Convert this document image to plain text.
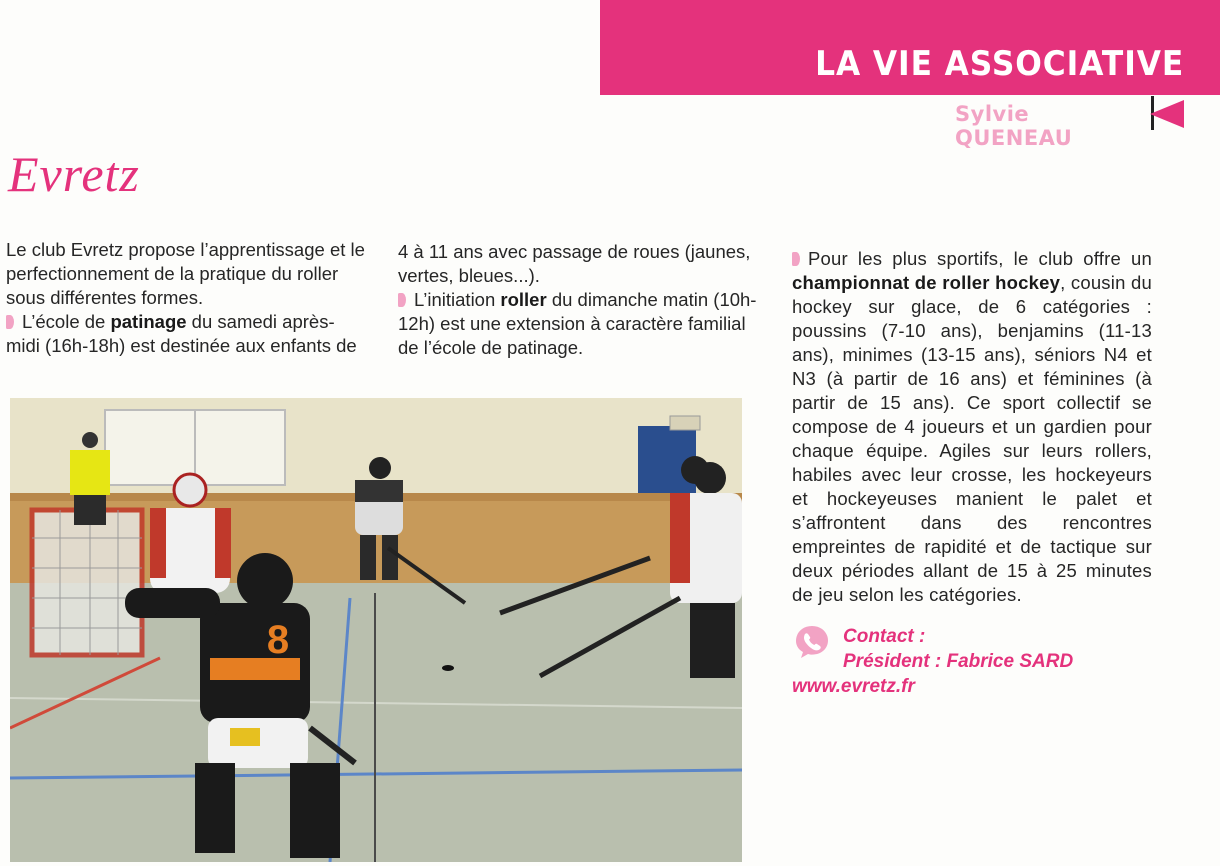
LA VIE ASSOCIATIVE
Sylvie QUENEAU
Evretz

Le club Evretz propose l’apprentissage et le perfectionnement de la pratique du roller sous différentes formes.

L’école de patinage du samedi après-midi (16h-18h) est destinée aux enfants de

4 à 11 ans avec passage de roues (jaunes, vertes, bleues...).

L’initiation roller du dimanche matin (10h-12h) est une extension à caractère familial de l’école de patinage.

Pour les plus sportifs, le club offre un championnat de roller hockey, cousin du hockey sur glace, de 6 catégories : poussins (7-10 ans), benjamins (11-13 ans), minimes (13-15 ans), séniors N4 et N3 (à partir de 16 ans) et féminines (à partir de 15 ans). Ce sport collectif se compose de 4 joueurs et un gardien pour chaque équipe. Agiles sur leurs rollers, habiles avec leur crosse, les hockeyeurs et hockeyeuses manient le palet et s’affrontent dans des rencontres empreintes de rapidité et de tactique sur deux périodes allant de 15 à 25 minutes de jeu selon les catégories.

8	Contact :
Président : Fabrice SARD
www.evretz.fr
